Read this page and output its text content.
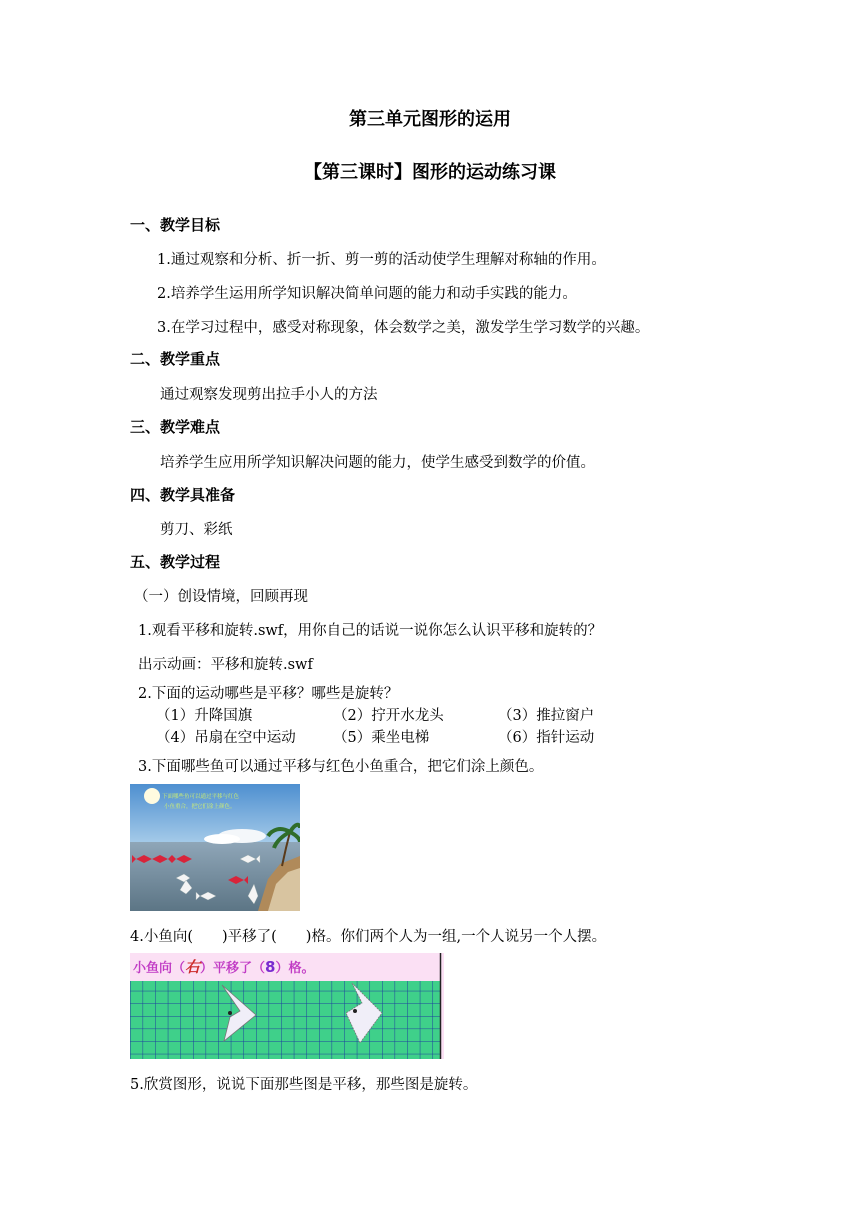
第三单元图形的运用
【第三课时】图形的运动练习课
一、教学目标
1.通过观察和分析、折一折、剪一剪的活动使学生理解对称轴的作用。
2.培养学生运用所学知识解决简单问题的能力和动手实践的能力。
3.在学习过程中，感受对称现象，体会数学之美，激发学生学习数学的兴趣。
二、教学重点
通过观察发现剪出拉手小人的方法
三、教学难点
培养学生应用所学知识解决问题的能力，使学生感受到数学的价值。
四、教学具准备
剪刀、彩纸
五、教学过程
（一）创设情境，回顾再现
1.观看平移和旋转.swf，用你自己的话说一说你怎么认识平移和旋转的？
出示动画：平移和旋转.swf
2.下面的运动哪些是平移？哪些是旋转？
（1）升降国旗	（2）拧开水龙头	（3）推拉窗户
（4）吊扇在空中运动	（5）乘坐电梯	（6）指针运动
3.下面哪些鱼可以通过平移与红色小鱼重合，把它们涂上颜色。
下面哪些鱼可以通过平移与红色
小鱼重合，把它们涂上颜色。
4.小鱼向(　　)平移了(　　)格。你们两个人为一组,一个人说另一个人摆。
小鱼向（右）平移了（8）格。
5.欣赏图形，说说下面那些图是平移，那些图是旋转。
